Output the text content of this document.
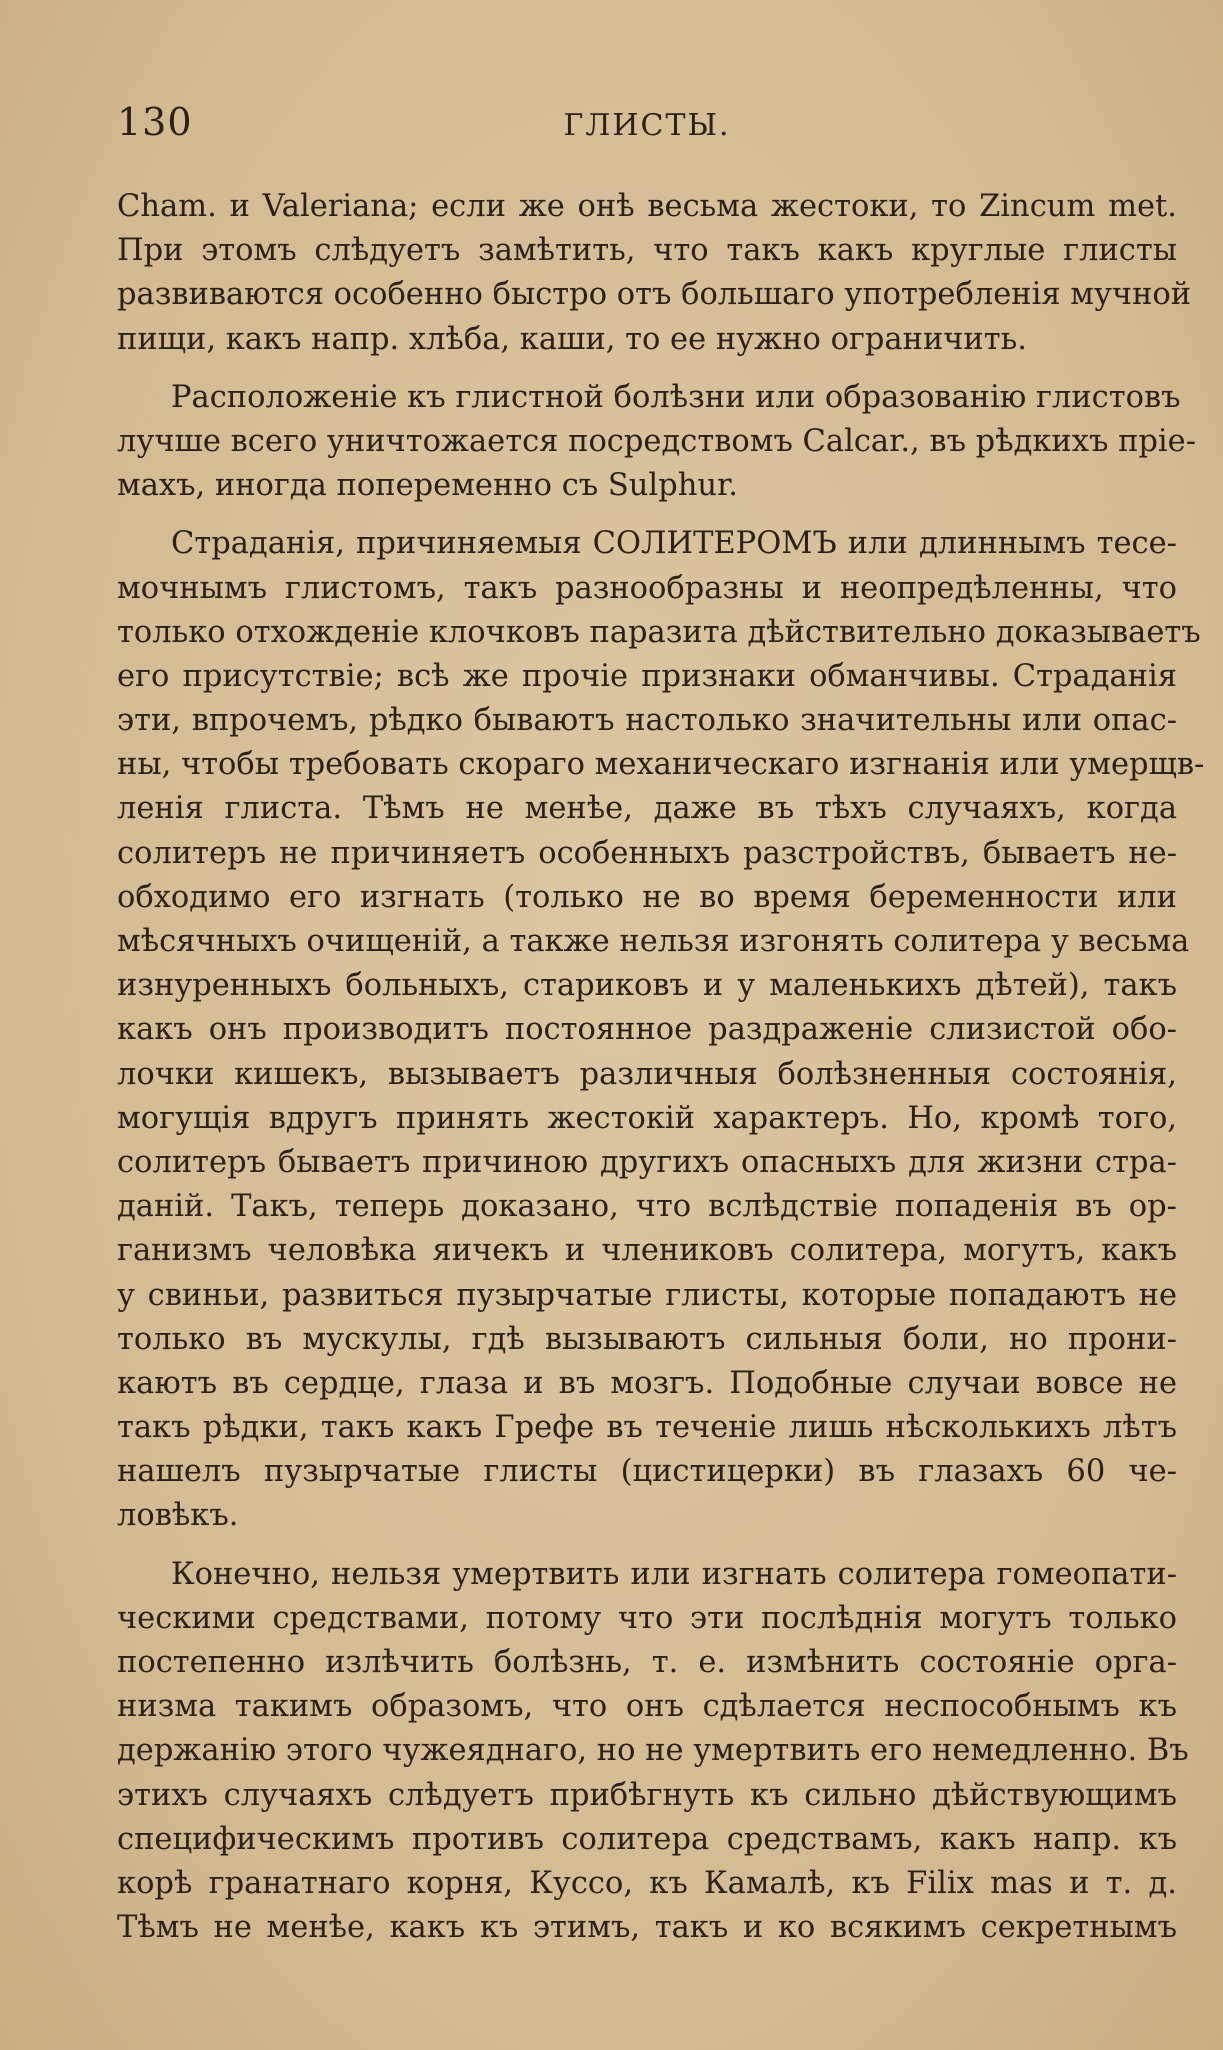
130	ГЛИСТЫ.
Cham. и Valeriana; если же онѣ весьма жестоки, то Zincum met.
При этомъ слѣдуетъ замѣтить, что такъ какъ круглые глисты
развиваются особенно быстро отъ большаго употребленія мучной
пищи, какъ напр. хлѣба, каши, то ее нужно ограничить.
Расположеніе къ глистной болѣзни или образованію глистовъ
лучше всего уничтожается посредствомъ Calcar., въ рѣдкихъ прiе-
махъ, иногда попеременно съ Sulphur.
Страданія, причиняемыя СОЛИТЕРОМЪ или длиннымъ тесе-
мочнымъ глистомъ, такъ разнообразны и неопредѣленны, что
только отхожденіе клочковъ паразита дѣйствительно доказываетъ
его присутствіе; всѣ же прочіе признаки обманчивы. Страданія
эти, впрочемъ, рѣдко бываютъ настолько значительны или опас-
ны, чтобы требовать скораго механическаго изгнанія или умерщв-
ленія глиста. Тѣмъ не менѣе, даже въ тѣхъ случаяхъ, когда
солитеръ не причиняетъ особенныхъ разстройствъ, бываетъ не-
обходимо его изгнать (только не во время беременности или
мѣсячныхъ очищеній, а также нельзя изгонять солитера у весьма
изнуренныхъ больныхъ, стариковъ и у маленькихъ дѣтей), такъ
какъ онъ производитъ постоянное раздраженіе слизистой обо-
лочки кишекъ, вызываетъ различныя болѣзненныя состоянія,
могущія вдругъ принять жестокій характеръ. Но, кромѣ того,
солитеръ бываетъ причиною другихъ опасныхъ для жизни стра-
даній. Такъ, теперь доказано, что вслѣдствіе попаденія въ ор-
ганизмъ человѣка яичекъ и члениковъ солитера, могутъ, какъ
у свиньи, развиться пузырчатые глисты, которые попадаютъ не
только въ мускулы, гдѣ вызываютъ сильныя боли, но прони-
каютъ въ сердце, глаза и въ мозгъ. Подобные случаи вовсе не
такъ рѣдки, такъ какъ Грефе въ теченіе лишь нѣсколькихъ лѣтъ
нашелъ пузырчатые глисты (цистицерки) въ глазахъ 60 че-
ловѣкъ.
Конечно, нельзя умертвить или изгнать солитера гомеопати-
ческими средствами, потому что эти послѣднія могутъ только
постепенно излѣчить болѣзнь, т. е. измѣнить состояніе орга-
низма такимъ образомъ, что онъ сдѣлается неспособнымъ къ
держанію этого чужеяднаго, но не умертвить его немедленно. Въ
этихъ случаяхъ слѣдуетъ прибѣгнуть къ сильно дѣйствующимъ
специфическимъ противъ солитера средствамъ, какъ напр. къ
корѣ гранатнаго корня, Куссо, къ Камалѣ, къ Filix mas и т. д.
Тѣмъ не менѣе, какъ къ этимъ, такъ и ко всякимъ секретнымъ
